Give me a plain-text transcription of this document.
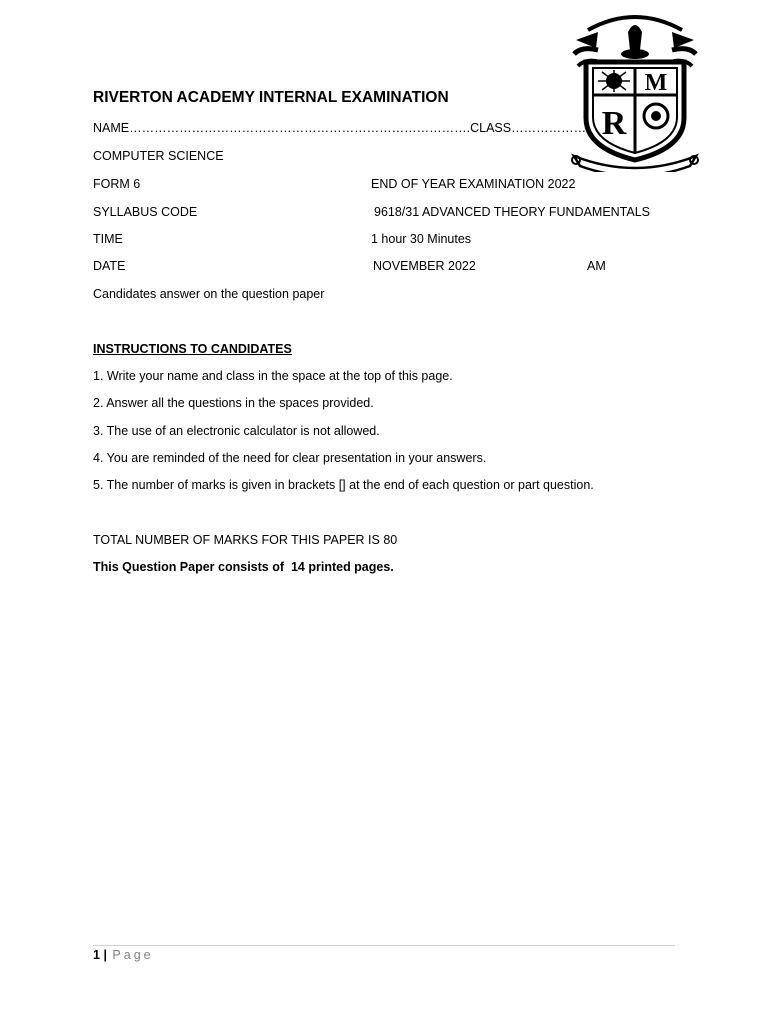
M
R
RIVERTON ACADEMY INTERNAL EXAMINATION
NAME……………………………………………………………………….CLASS………………
COMPUTER SCIENCE
FORM 6	END OF YEAR EXAMINATION 2022
SYLLABUS CODE	9618/31 ADVANCED THEORY FUNDAMENTALS
TIME	1 hour 30 Minutes
DATE	NOVEMBER 2022	AM
Candidates answer on the question paper
INSTRUCTIONS TO CANDIDATES
1. Write your name and class in the space at the top of this page.
2. Answer all the questions in the spaces provided.
3. The use of an electronic calculator is not allowed.
4. You are reminded of the need for clear presentation in your answers.
5. The number of marks is given in brackets [] at the end of each question or part question.
TOTAL NUMBER OF MARKS FOR THIS PAPER IS 80
This Question Paper consists of 14 printed pages.
1 | Page
